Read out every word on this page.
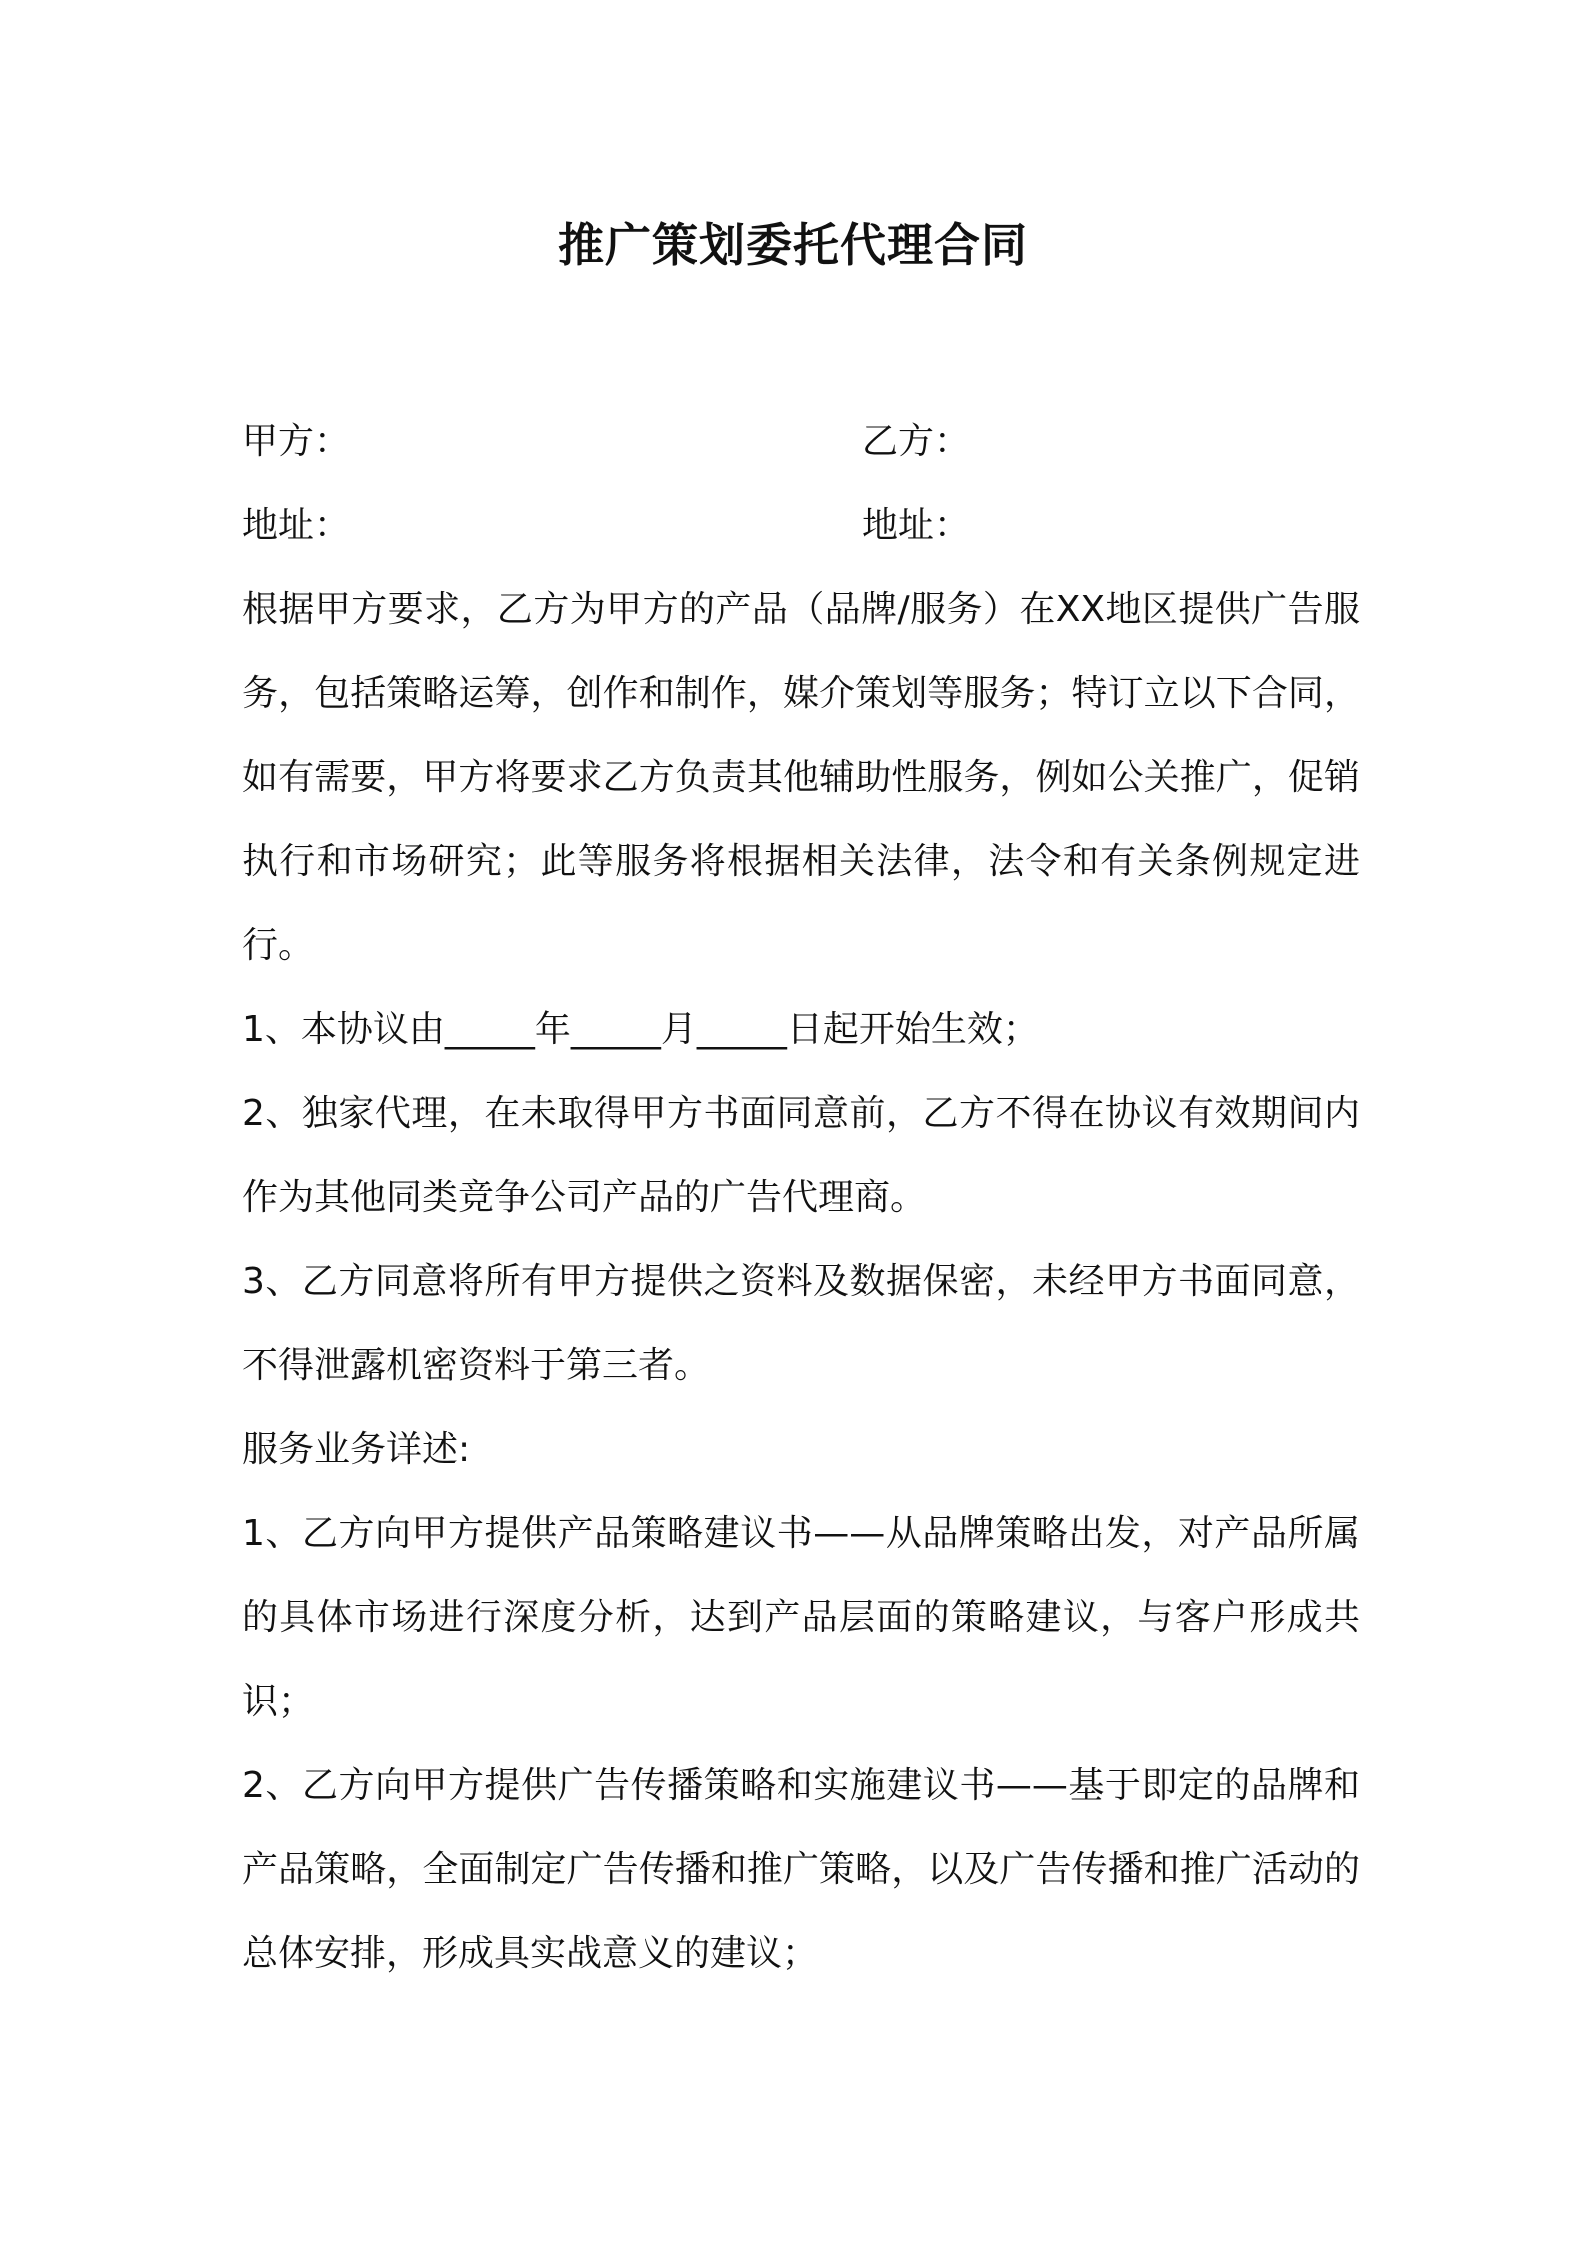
推广策划委托代理合同
甲方：	乙方：
地址：	地址：

根据甲方要求，乙方为甲方的产品（品牌/服务）在XX地区提供广告服务，包括策略运筹，创作和制作，媒介策划等服务；特订立以下合同，如有需要，甲方将要求乙方负责其他辅助性服务，例如公关推广，促销执行和市场研究；此等服务将根据相关法律，法令和有关条例规定进行。

1、本协议由_____年_____月_____日起开始生效；

2、独家代理，在未取得甲方书面同意前，乙方不得在协议有效期间内作为其他同类竞争公司产品的广告代理商。

3、乙方同意将所有甲方提供之资料及数据保密，未经甲方书面同意，不得泄露机密资料于第三者。

服务业务详述:

1、乙方向甲方提供产品策略建议书——从品牌策略出发，对产品所属的具体市场进行深度分析，达到产品层面的策略建议，与客户形成共识；

2、乙方向甲方提供广告传播策略和实施建议书——基于即定的品牌和产品策略，全面制定广告传播和推广策略，以及广告传播和推广活动的总体安排，形成具实战意义的建议；
